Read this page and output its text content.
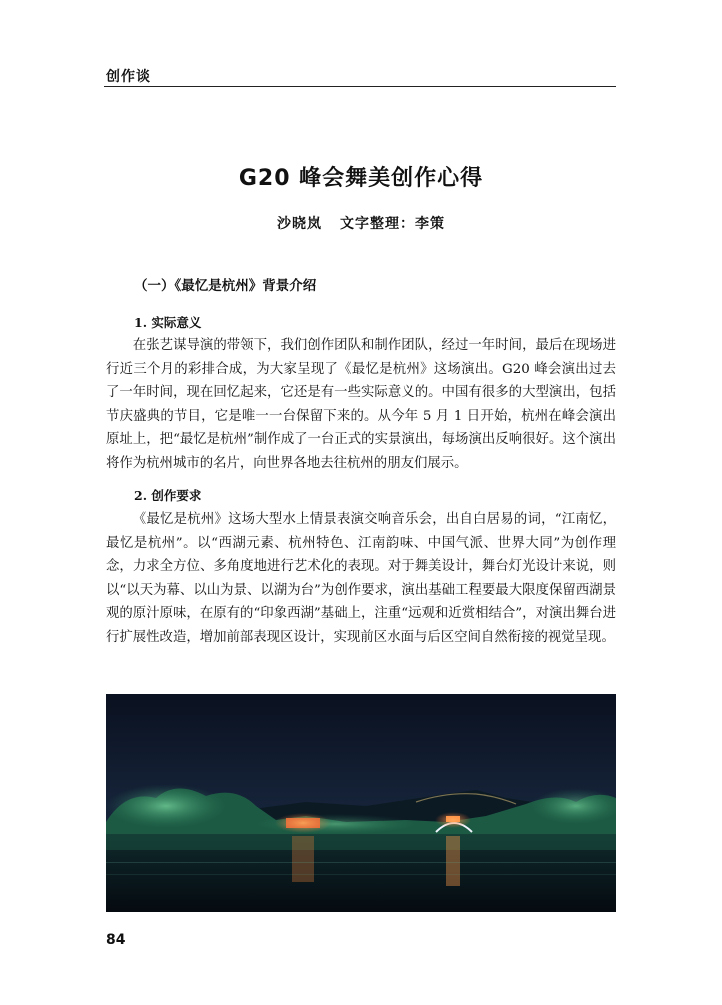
创作谈
G20 峰会舞美创作心得
沙晓岚 文字整理：李策
（一）《最忆是杭州》背景介绍
1. 实际意义

在张艺谋导演的带领下，我们创作团队和制作团队，经过一年时间，最后在现场进行近三个月的彩排合成，为大家呈现了《最忆是杭州》这场演出。G20 峰会演出过去了一年时间，现在回忆起来，它还是有一些实际意义的。中国有很多的大型演出，包括节庆盛典的节目，它是唯一一台保留下来的。从今年 5 月 1 日开始，杭州在峰会演出原址上，把“最忆是杭州”制作成了一台正式的实景演出，每场演出反响很好。这个演出将作为杭州城市的名片，向世界各地去往杭州的朋友们展示。

2. 创作要求

《最忆是杭州》这场大型水上情景表演交响音乐会，出自白居易的词，“江南忆，最忆是杭州”。以“西湖元素、杭州特色、江南韵味、中国气派、世界大同”为创作理念，力求全方位、多角度地进行艺术化的表现。对于舞美设计，舞台灯光设计来说，则以“以天为幕、以山为景、以湖为台”为创作要求，演出基础工程要最大限度保留西湖景观的原汁原味，在原有的“印象西湖”基础上，注重“远观和近赏相结合”，对演出舞台进行扩展性改造，增加前部表现区设计，实现前区水面与后区空间自然衔接的视觉呈现。

84
